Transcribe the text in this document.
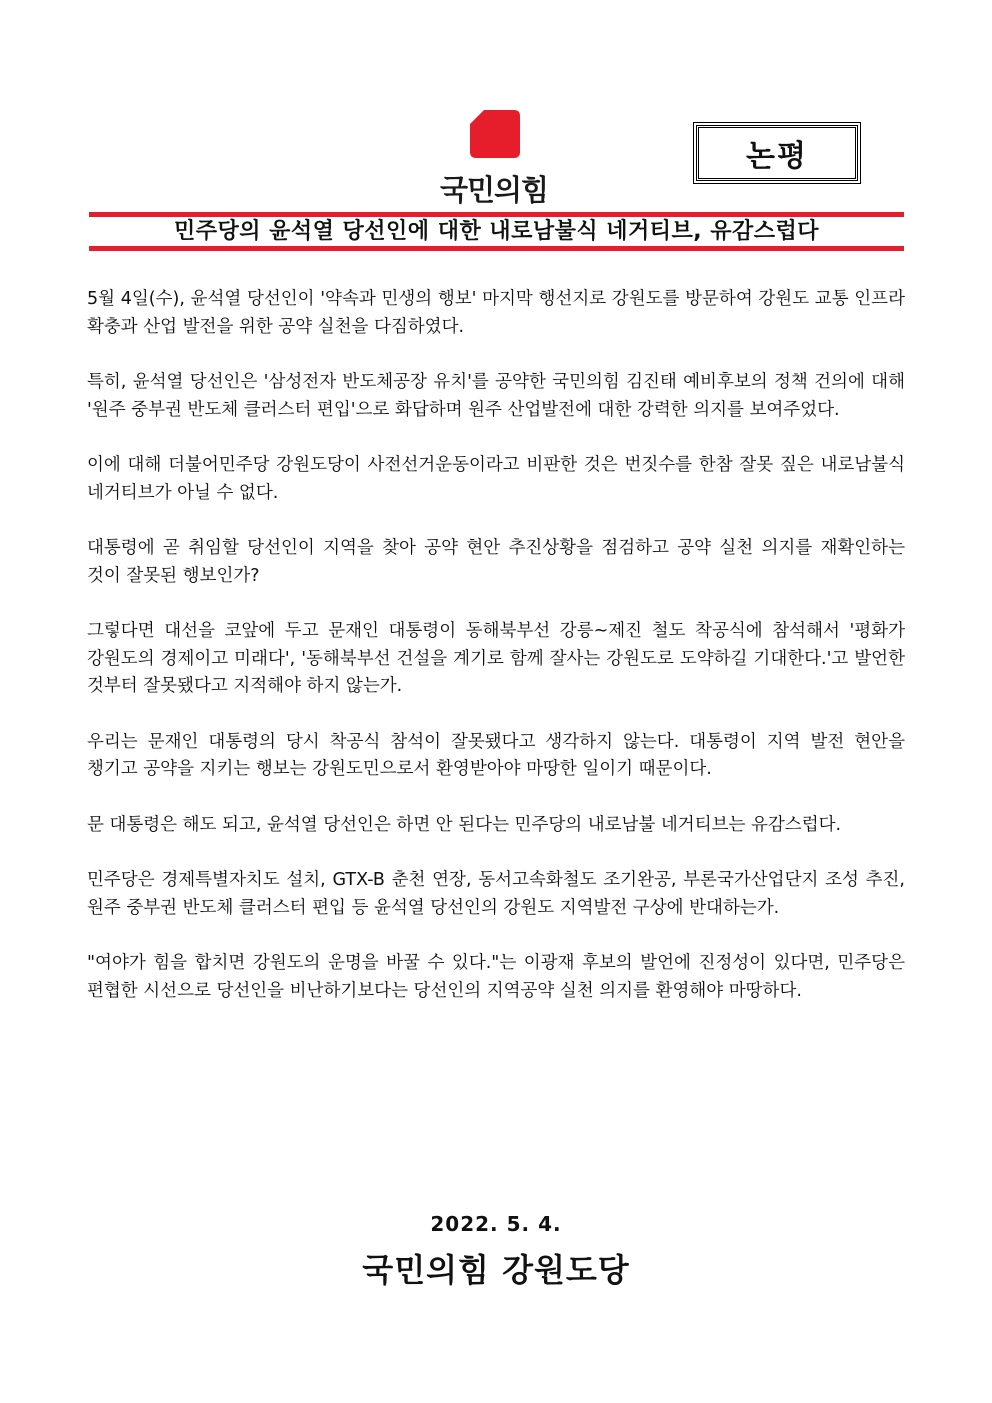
국민의힘
논평
민주당의 윤석열 당선인에 대한 내로남불식 네거티브, 유감스럽다

5월 4일(수), 윤석열 당선인이 '약속과 민생의 행보' 마지막 행선지로 강원도를 방문하여 강원도 교통 인프라 확충과 산업 발전을 위한 공약 실천을 다짐하였다.

특히, 윤석열 당선인은 '삼성전자 반도체공장 유치'를 공약한 국민의힘 김진태 예비후보의 정책 건의에 대해 '원주 중부권 반도체 클러스터 편입'으로 화답하며 원주 산업발전에 대한 강력한 의지를 보여주었다.

이에 대해 더불어민주당 강원도당이 사전선거운동이라고 비판한 것은 번짓수를 한참 잘못 짚은 내로남불식 네거티브가 아닐 수 없다.

대통령에 곧 취임할 당선인이 지역을 찾아 공약 현안 추진상황을 점검하고 공약 실천 의지를 재확인하는 것이 잘못된 행보인가?

그렇다면 대선을 코앞에 두고 문재인 대통령이 동해북부선 강릉~제진 철도 착공식에 참석해서 '평화가 강원도의 경제이고 미래다', '동해북부선 건설을 계기로 함께 잘사는 강원도로 도약하길 기대한다.'고 발언한 것부터 잘못됐다고 지적해야 하지 않는가.

우리는 문재인 대통령의 당시 착공식 참석이 잘못됐다고 생각하지 않는다. 대통령이 지역 발전 현안을 챙기고 공약을 지키는 행보는 강원도민으로서 환영받아야 마땅한 일이기 때문이다.

문 대통령은 해도 되고, 윤석열 당선인은 하면 안 된다는 민주당의 내로남불 네거티브는 유감스럽다.

민주당은 경제특별자치도 설치, GTX-B 춘천 연장, 동서고속화철도 조기완공, 부론국가산업단지 조성 추진, 원주 중부권 반도체 클러스터 편입 등 윤석열 당선인의 강원도 지역발전 구상에 반대하는가.

"여야가 힘을 합치면 강원도의 운명을 바꿀 수 있다."는 이광재 후보의 발언에 진정성이 있다면, 민주당은 편협한 시선으로 당선인을 비난하기보다는 당선인의 지역공약 실천 의지를 환영해야 마땅하다.

2022. 5. 4.
국민의힘 강원도당
